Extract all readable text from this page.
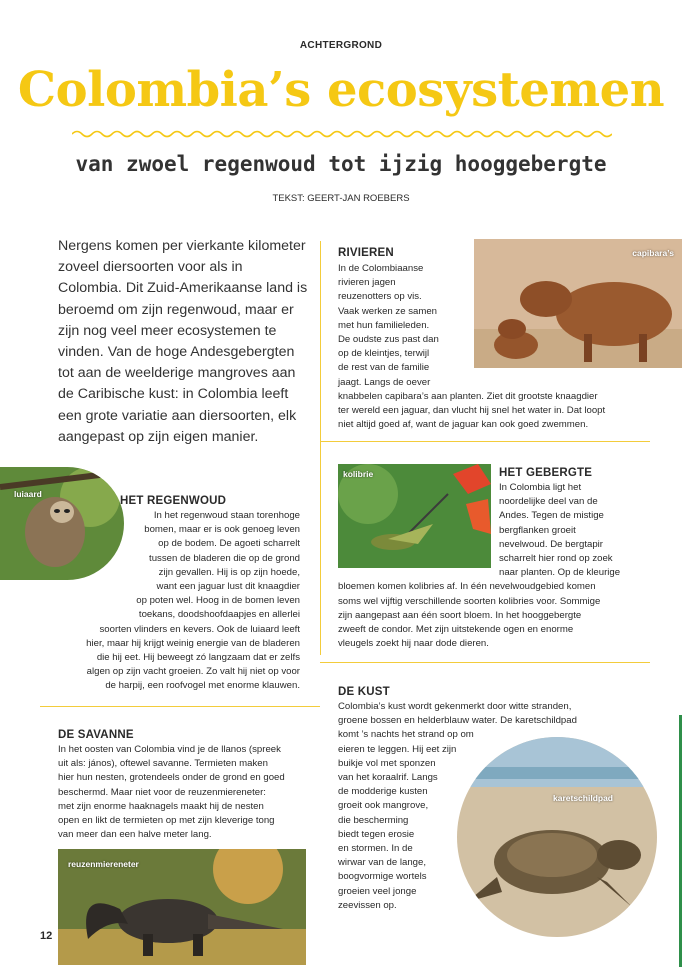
ACHTERGROND
Colombia’s ecosystemen
van zwoel regenwoud tot ijzig hooggebergte
TEKST: GEERT-JAN ROEBERS
Nergens komen per vierkante kilometer zoveel diersoorten voor als in Colombia. Dit Zuid-Amerikaanse land is beroemd om zijn regenwoud, maar er zijn nog veel meer ecosystemen te vinden. Van de hoge Andesgebergten tot aan de weelderige mangroves aan de Caribische kust: in Colombia leeft een grote variatie aan diersoorten, elk aangepast op zijn eigen manier.
RIVIEREN
In de Colombiaanse
rivieren jagen
reuzenotters op vis.
Vaak werken ze samen
met hun familieleden.
De oudste zus past dan
op de kleintjes, terwijl
de rest van de familie
jaagt. Langs de oever
knabbelen capibara’s aan planten. Ziet dit grootste knaagdier
ter wereld een jaguar, dan vlucht hij snel het water in. Dat loopt
niet altijd goed af, want de jaguar kan ook goed zwemmen.
capibara’s
luiaard
HET REGENWOUD
In het regenwoud staan torenhoge
bomen, maar er is ook genoeg leven
op de bodem. De agoeti scharrelt
tussen de bladeren die op de grond
zijn gevallen. Hij is op zijn hoede,
want een jaguar lust dit knaagdier
op poten wel. Hoog in de bomen leven
toekans, doodshoofdaapjes en allerlei
soorten vlinders en kevers. Ook de luiaard leeft
hier, maar hij krijgt weinig energie van de bladeren
die hij eet. Hij beweegt zó langzaam dat er zelfs
algen op zijn vacht groeien. Zo valt hij niet op voor
de harpij, een roofvogel met enorme klauwen.
kolibrie	HET GEBERGTE
In Colombia ligt het
noordelijke deel van de
Andes. Tegen de mistige
bergflanken groeit
nevelwoud. De bergtapir
scharrelt hier rond op zoek
naar planten. Op de kleurige
bloemen komen kolibries af. In één nevelwoudgebied komen
soms wel vijftig verschillende soorten kolibries voor. Sommige
zijn aangepast aan één soort bloem. In het hooggebergte
zweeft de condor. Met zijn uitstekende ogen en enorme
vleugels zoekt hij naar dode dieren.
DE KUST
Colombia’s kust wordt gekenmerkt door witte stranden,
groene bossen en helderblauw water. De karetschildpad
komt ’s nachts het strand op om
eieren te leggen. Hij eet zijn
buikje vol met sponzen
van het koraalrif. Langs
de modderige kusten
groeit ook mangrove,
die bescherming
biedt tegen erosie
en stormen. In de
wirwar van de lange,
boogvormige wortels
groeien veel jonge
zeevissen op.
karetschildpad
DE SAVANNE
In het oosten van Colombia vind je de llanos (spreek
uit als: jános), oftewel savanne. Termieten maken
hier hun nesten, grotendeels onder de grond en goed
beschermd. Maar niet voor de reuzenmiereneter:
met zijn enorme haaknagels maakt hij de nesten
open en likt de termieten op met zijn kleverige tong
van meer dan een halve meter lang.
reuzenmiereneter
12
